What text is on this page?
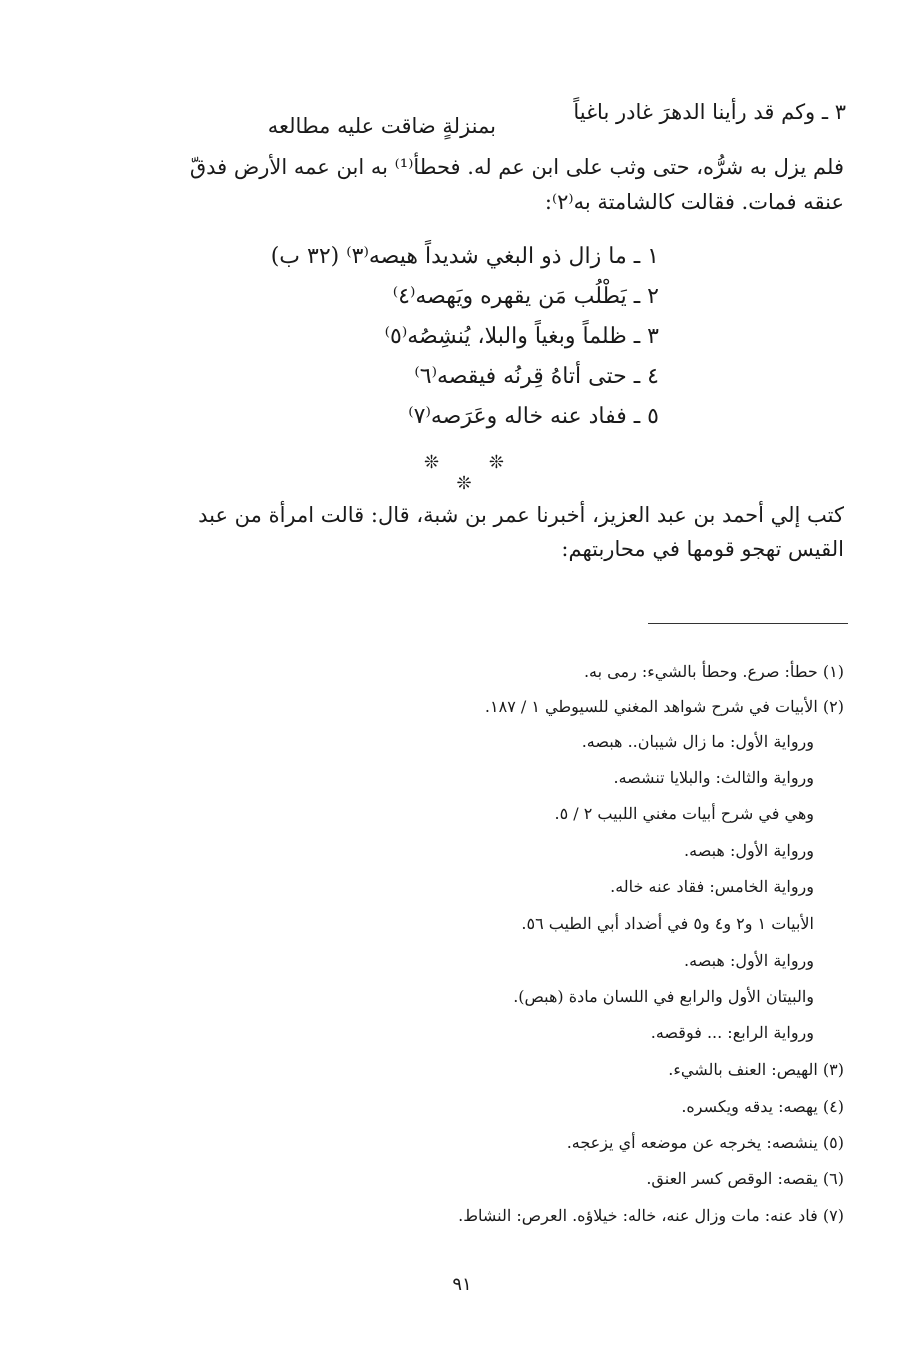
٣ ـ وكم قد رأينا الدهرَ غادر باغياً
بمنزلةٍ ضاقت عليه مطالعه
فلم يزل به شرُّه، حتى وثب على ابن عم له. فحطأ⁽¹⁾ به ابن عمه الأرض فدقّ
عنقه فمات. فقالت كالشامتة به⁽٢⁾:
١ ـ ما زال ذو البغي شديداً هيصه⁽٣⁾ (٣٢ ب)
٢ ـ يَطْلُب مَن يقهره ويَهصه⁽٤⁾
٣ ـ ظلماً وبغياً والبلا، يُنشِصُه⁽٥⁾
٤ ـ حتى أتاهُ قِرنُه فيقصه⁽٦⁾
٥ ـ ففاد عنه خاله وعَرَصه⁽٧⁾
❊ ❊ ❊
كتب إلي أحمد بن عبد العزيز، أخبرنا عمر بن شبة، قال: قالت امرأة من عبد
القيس تهجو قومها في محاربتهم:
(١) حطأ: صرع. وحطأ بالشيء: رمى به.
(٢) الأبيات في شرح شواهد المغني للسيوطي ١ / ١٨٧.
ورواية الأول: ما زال شيبان.. هبصه.
ورواية والثالث: والبلايا تنشصه.
وهي في شرح أبيات مغني اللبيب ٢ / ٥.
ورواية الأول: هبصه.
ورواية الخامس: فقاد عنه خاله.
الأبيات ١ و٢ و٤ و٥ في أضداد أبي الطيب ٥٦.
ورواية الأول: هبصه.
والبيتان الأول والرابع في اللسان مادة (هبص).
ورواية الرابع: ... فوقصه.
(٣) الهيص: العنف بالشيء.
(٤) يهصه: يدقه ويكسره.
(٥) ينشصه: يخرجه عن موضعه أي يزعجه.
(٦) يقصه: الوقص كسر العنق.
(٧) فاد عنه: مات وزال عنه، خاله: خيلاؤه. العرص: النشاط.
٩١
